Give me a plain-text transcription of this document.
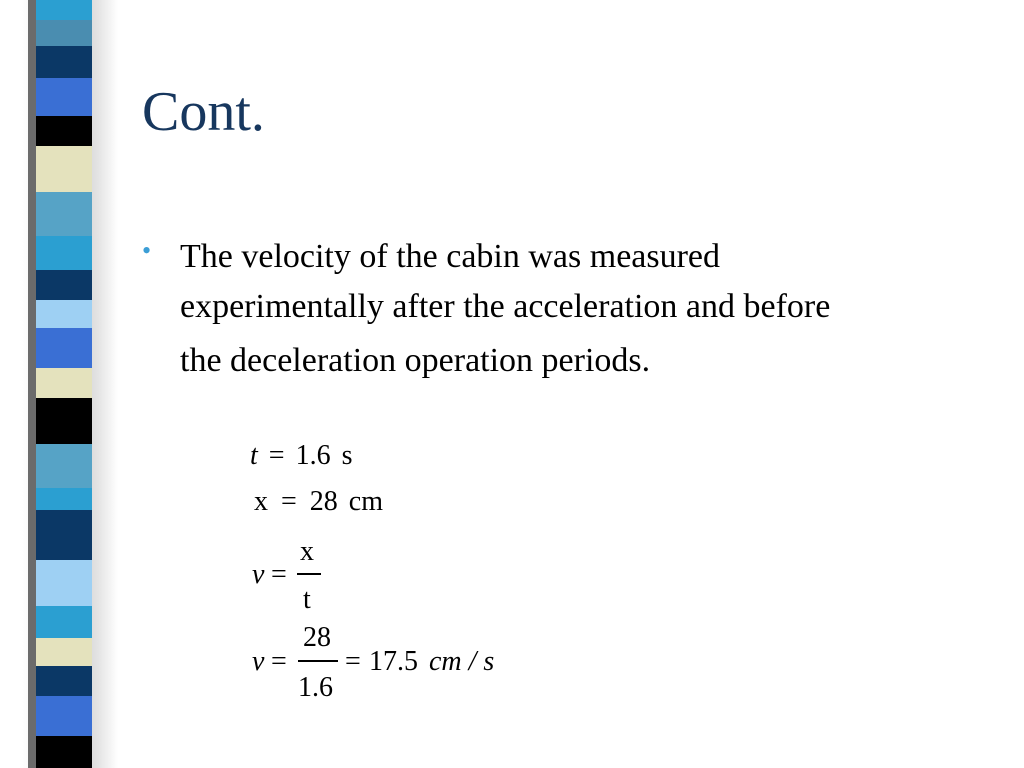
Cont.
• The velocity of the cabin was measured
experimentally after the acceleration and before
the deceleration operation periods.
t = 1.6 s
x = 28 cm
v =
x
t
v =
28
1.6
= 17.5 cm / s
